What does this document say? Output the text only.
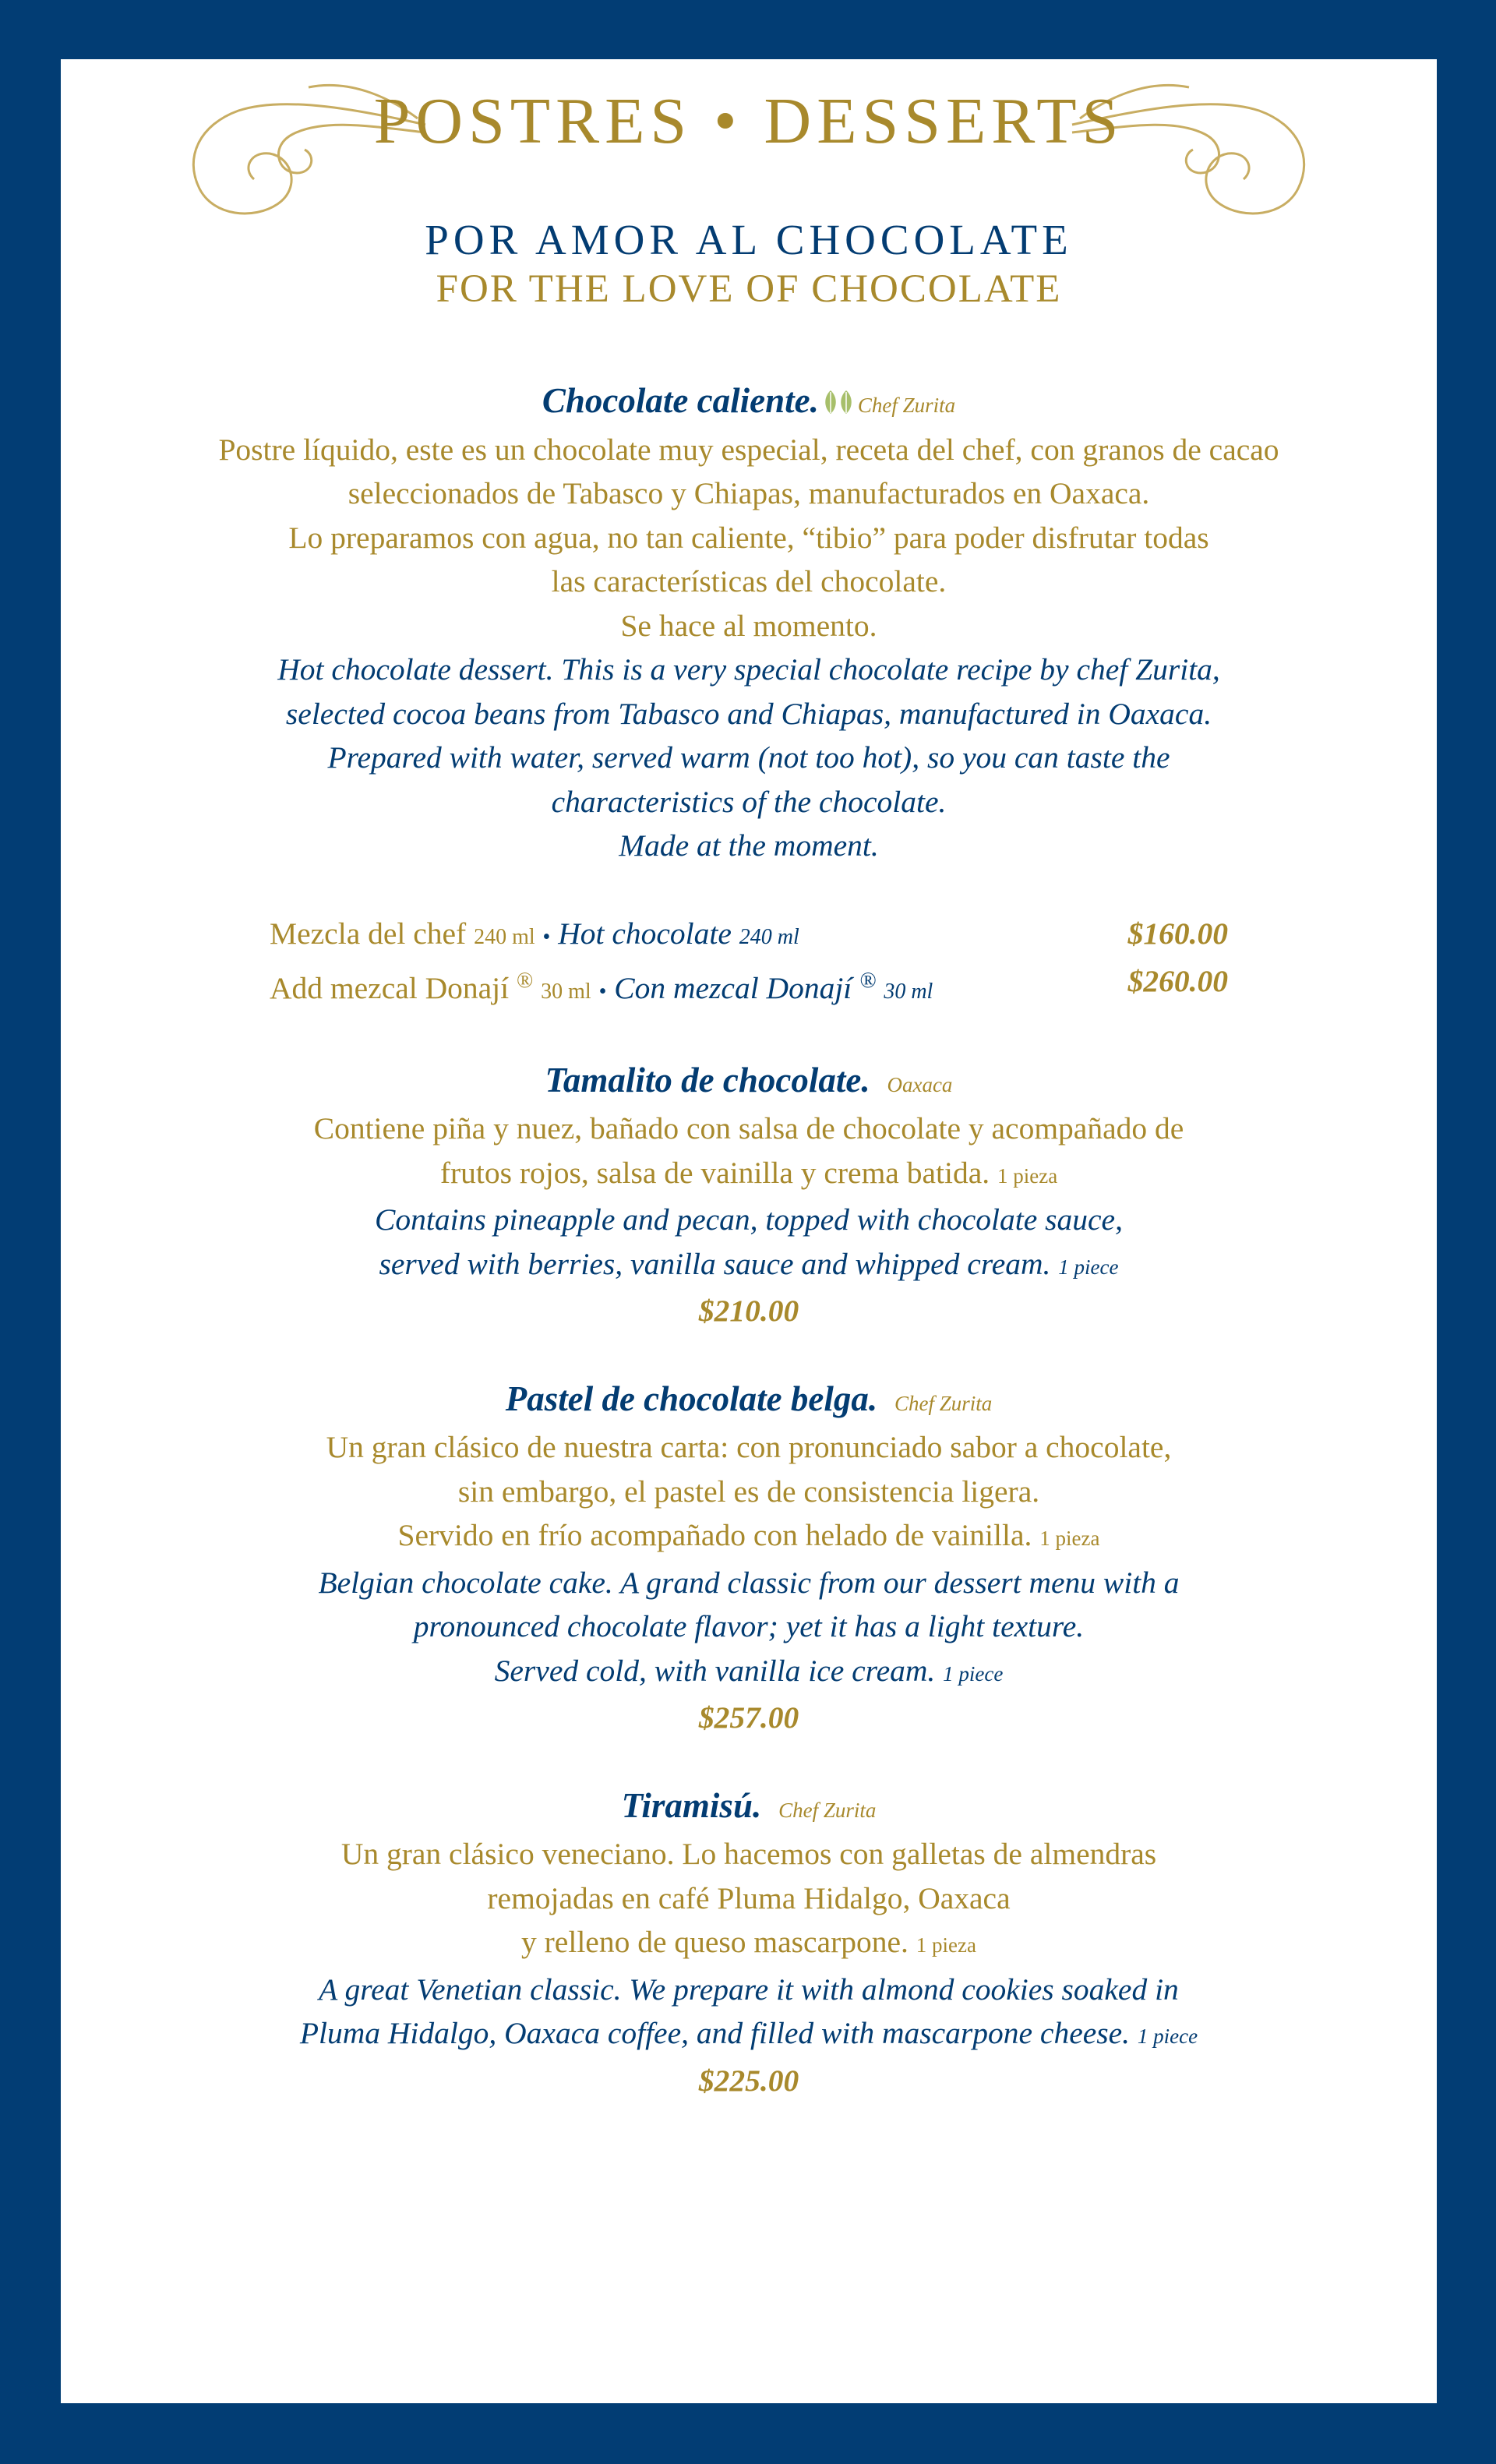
POSTRES • DESSERTS
POR AMOR AL CHOCOLATE
FOR THE LOVE OF CHOCOLATE
Chocolate caliente. Chef Zurita
Postre líquido, este es un chocolate muy especial, receta del chef, con granos de cacao
seleccionados de Tabasco y Chiapas, manufacturados en Oaxaca.
Lo preparamos con agua, no tan caliente, “tibio” para poder disfrutar todas
las características del chocolate.
Se hace al momento.
Hot chocolate dessert. This is a very special chocolate recipe by chef Zurita,
selected cocoa beans from Tabasco and Chiapas, manufactured in Oaxaca.
Prepared with water, served warm (not too hot), so you can taste the
characteristics of the chocolate.
Made at the moment.
Mezcla del chef 240 ml • Hot chocolate 240 ml	$160.00
Add mezcal Donají ® 30 ml • Con mezcal Donají ® 30 ml	$260.00
Tamalito de chocolate. Oaxaca
Contiene piña y nuez, bañado con salsa de chocolate y acompañado de
frutos rojos, salsa de vainilla y crema batida. 1 pieza
Contains pineapple and pecan, topped with chocolate sauce,
served with berries, vanilla sauce and whipped cream. 1 piece
$210.00
Pastel de chocolate belga. Chef Zurita
Un gran clásico de nuestra carta: con pronunciado sabor a chocolate,
sin embargo, el pastel es de consistencia ligera.
Servido en frío acompañado con helado de vainilla. 1 pieza
Belgian chocolate cake. A grand classic from our dessert menu with a
pronounced chocolate flavor; yet it has a light texture.
Served cold, with vanilla ice cream. 1 piece
$257.00
Tiramisú. Chef Zurita
Un gran clásico veneciano. Lo hacemos con galletas de almendras
remojadas en café Pluma Hidalgo, Oaxaca
y relleno de queso mascarpone. 1 pieza
A great Venetian classic. We prepare it with almond cookies soaked in
Pluma Hidalgo, Oaxaca coffee, and filled with mascarpone cheese. 1 piece
$225.00
